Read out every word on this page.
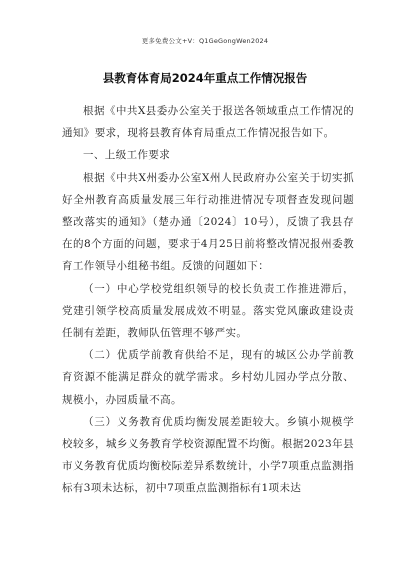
更多免费公文+V：Q1GeGongWen2024
县教育体育局2024年重点工作情况报告

根据《中共X县委办公室关于报送各领域重点工作情况的通知》要求，现将县教育体育局重点工作情况报告如下。

一、上级工作要求

根据《中共X州委办公室X州人民政府办公室关于切实抓好全州教育高质量发展三年行动推进情况专项督查发现问题整改落实的通知》（楚办通〔2024〕10号），反馈了我县存在的8个方面的问题，要求于4月25日前将整改情况报州委教育工作领导小组秘书组。反馈的问题如下：

（一）中心学校党组织领导的校长负责工作推进滞后，党建引领学校高质量发展成效不明显。落实党风廉政建设责任制有差距，教师队伍管理不够严实。

（二）优质学前教育供给不足，现有的城区公办学前教育资源不能满足群众的就学需求。乡村幼儿园办学点分散、规模小，办园质量不高。

（三）义务教育优质均衡发展差距较大。乡镇小规模学校较多，城乡义务教育学校资源配置不均衡。根据2023年县市义务教育优质均衡校际差异系数统计，小学7项重点监测指标有3项未达标，初中7项重点监测指标有1项未达
